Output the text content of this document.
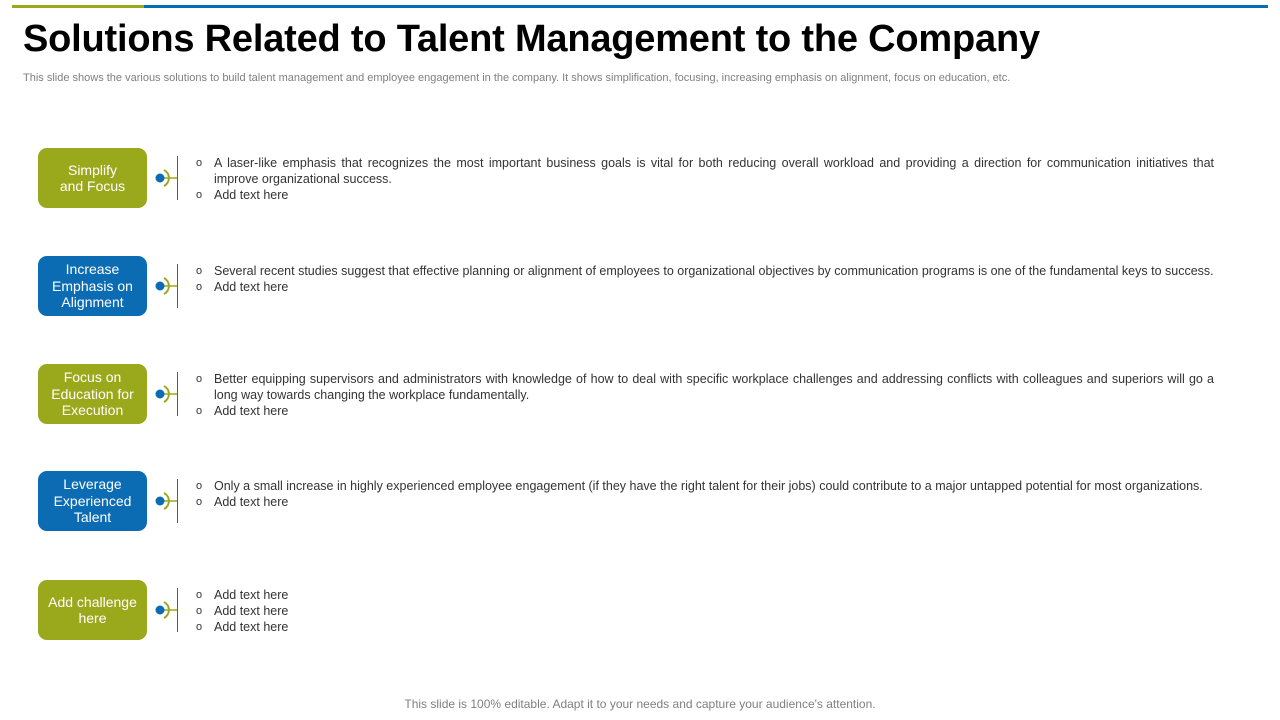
Solutions Related to Talent Management to the Company
This slide shows the various solutions to build talent management and employee engagement in the company. It shows simplification, focusing, increasing emphasis on alignment, focus on education, etc.
Simplify
and Focus
o A laser-like emphasis that recognizes the most important business goals is vital for both reducing overall workload and providing a direction for communication initiatives that improve organizational success.
o Add text here
Increase
Emphasis on
Alignment
o Several recent studies suggest that effective planning or alignment of employees to organizational objectives by communication programs is one of the fundamental keys to success.
o Add text here
Focus on
Education for
Execution
o Better equipping supervisors and administrators with knowledge of how to deal with specific workplace challenges and addressing conflicts with colleagues and superiors will go a long way towards changing the workplace fundamentally.
o Add text here
Leverage
Experienced
Talent
o Only a small increase in highly experienced employee engagement (if they have the right talent for their jobs) could contribute to a major untapped potential for most organizations.
o Add text here
Add challenge
here
o Add text here
o Add text here
o Add text here
This slide is 100% editable. Adapt it to your needs and capture your audience's attention.
